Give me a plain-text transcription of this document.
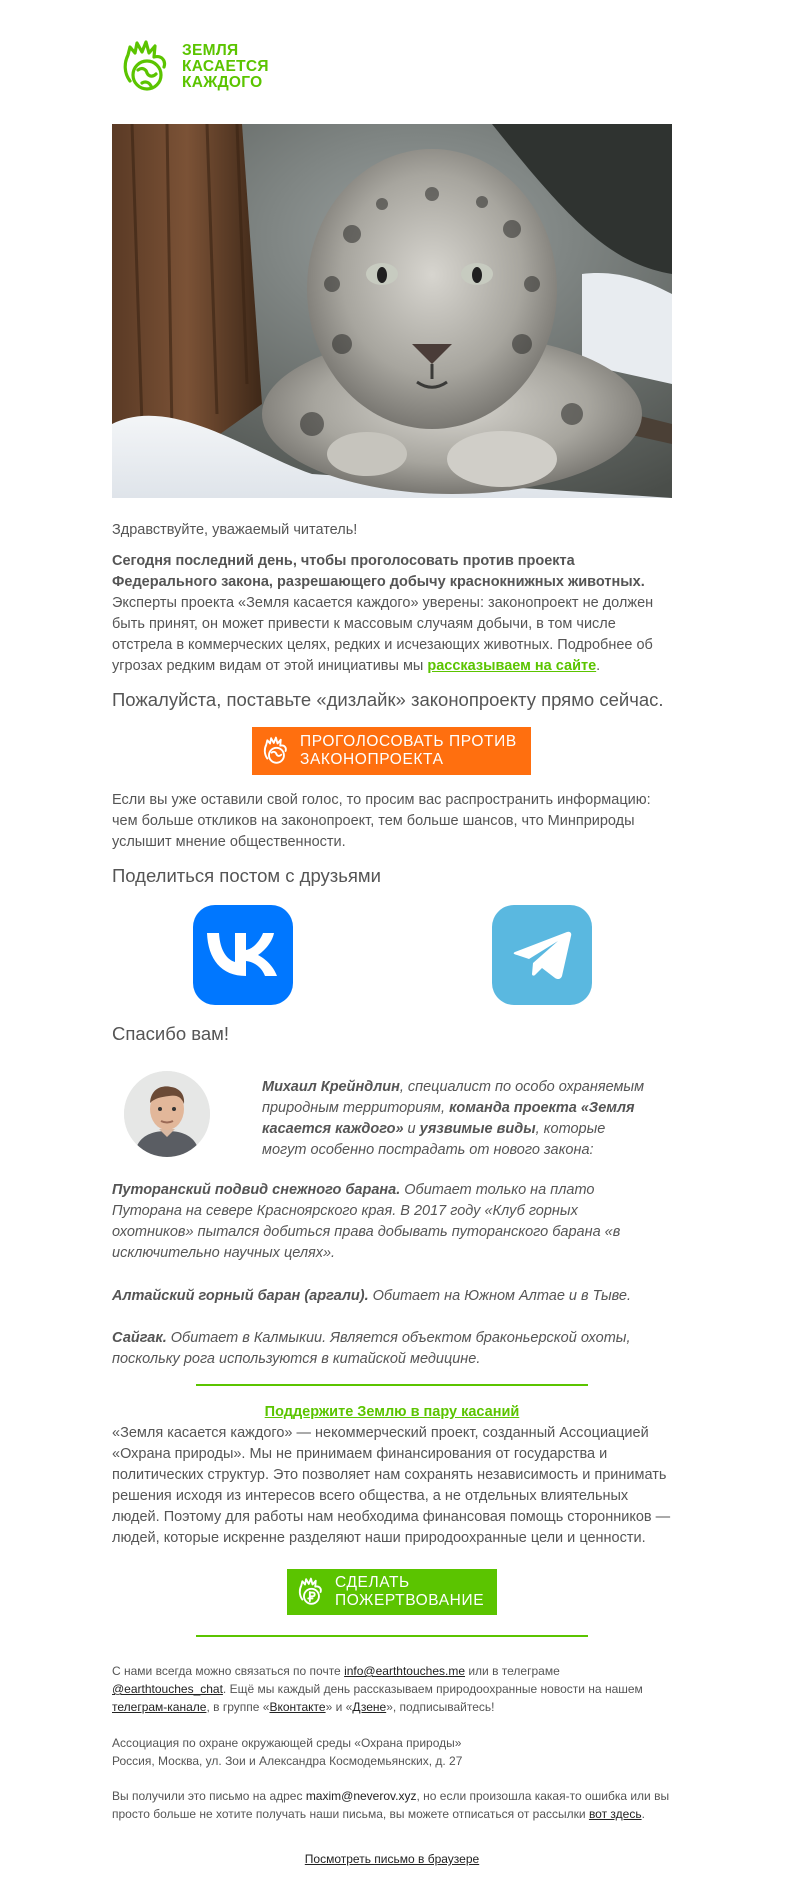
ЗЕМЛЯ
КАСАЕТСЯ
КАЖДОГО
Здравствуйте, уважаемый читатель!
Сегодня последний день, чтобы проголосовать против проекта Федерального закона, разрешающего добычу краснокнижных животных. Эксперты проекта «Земля касается каждого» уверены: законопроект не должен быть принят, он может привести к массовым случаям добычи, в том числе отстрела в коммерческих целях, редких и исчезающих животных. Подробнее об угрозах редким видам от этой инициативы мы рассказываем на сайте.
Пожалуйста, поставьте «дизлайк» законопроекту прямо сейчас.
ПРОГОЛОСОВАТЬ ПРОТИВ
ЗАКОНОПРОЕКТА
Если вы уже оставили свой голос, то просим вас распространить информацию: чем больше откликов на законопроект, тем больше шансов, что Минприроды услышит мнение общественности.
Поделиться постом с друзьями
Спасибо вам!
Михаил Крейндлин, специалист по особо охраняемым природным территориям, команда проекта «Земля касается каждого» и уязвимые виды, которые могут особенно пострадать от нового закона:
Путоранский подвид снежного барана. Обитает только на плато Путорана на севере Красноярского края. В 2017 году «Клуб горных охотников» пытался добиться права добывать путоранского барана «в исключительно научных целях».
Алтайский горный баран (аргали). Обитает на Южном Алтае и в Тыве.
Сайгак. Обитает в Калмыкии. Является объектом браконьерской охоты, поскольку рога используются в китайской медицине.
Поддержите Землю в пару касаний
«Земля касается каждого» — некоммерческий проект, созданный Ассоциацией «Охрана природы». Мы не принимаем финансирования от государства и политических структур. Это позволяет нам сохранять независимость и принимать решения исходя из интересов всего общества, а не отдельных влиятельных людей. Поэтому для работы нам необходима финансовая помощь сторонников — людей, которые искренне разделяют наши природоохранные цели и ценности.
СДЕЛАТЬ
ПОЖЕРТВОВАНИЕ
С нами всегда можно связаться по почте info@earthtouches.me или в телеграме @earthtouches_chat. Ещё мы каждый день рассказываем природоохранные новости на нашем телеграм-канале, в группе «Вконтакте» и «Дзене», подписывайтесь!
Ассоциация по охране окружающей среды «Охрана природы»
Россия, Москва, ул. Зои и Александра Космодемьянских, д. 27
Вы получили это письмо на адрес maxim@neverov.xyz, но если произошла какая-то ошибка или вы просто больше не хотите получать наши письма, вы можете отписаться от рассылки вот здесь.
Посмотреть письмо в браузере
